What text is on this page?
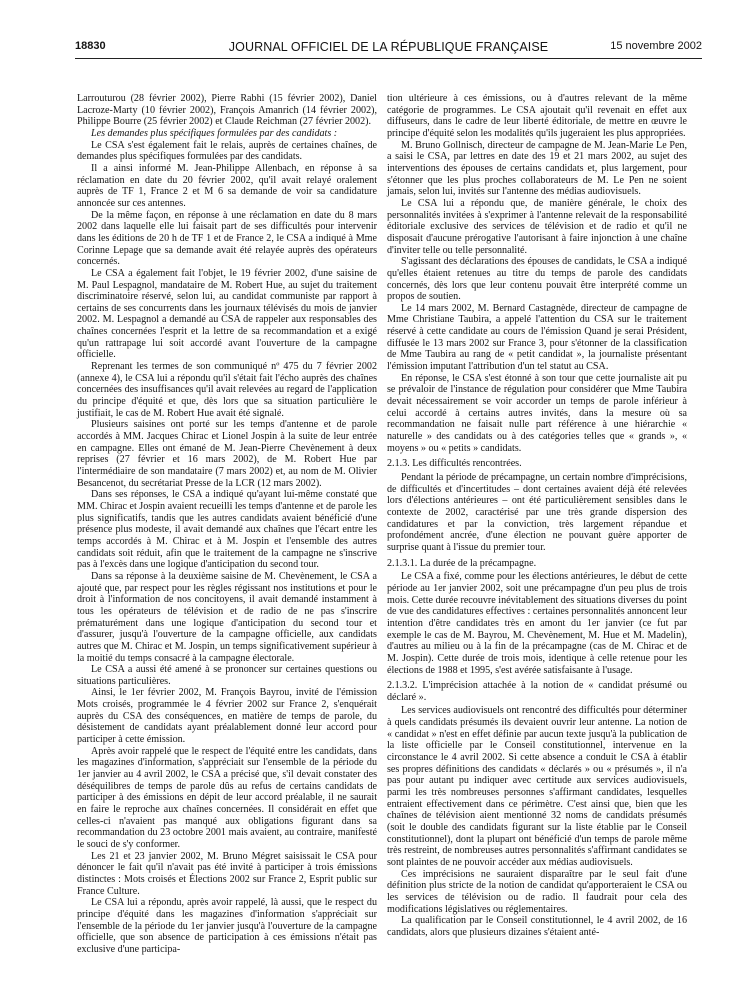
18830	JOURNAL OFFICIEL DE LA RÉPUBLIQUE FRANÇAISE	15 novembre 2002

Larrouturou (28 février 2002), Pierre Rabhi (15 février 2002), Daniel Lacroze-Marty (10 février 2002), François Amanrich (14 février 2002), Philippe Bourre (25 février 2002) et Claude Reichman (27 février 2002).

Les demandes plus spécifiques formulées par des candidats :

Le CSA s'est également fait le relais, auprès de certaines chaînes, de demandes plus spécifiques formulées par des candidats.

Il a ainsi informé M. Jean-Philippe Allenbach, en réponse à sa réclamation en date du 20 février 2002, qu'il avait relayé oralement auprès de TF 1, France 2 et M 6 sa demande de voir sa candidature annoncée sur ces antennes.

De la même façon, en réponse à une réclamation en date du 8 mars 2002 dans laquelle elle lui faisait part de ses difficultés pour intervenir dans les éditions de 20 h de TF 1 et de France 2, le CSA a indiqué à Mme Corinne Lepage que sa demande avait été relayée auprès des opérateurs concernés.

Le CSA a également fait l'objet, le 19 février 2002, d'une saisine de M. Paul Lespagnol, mandataire de M. Robert Hue, au sujet du traitement discriminatoire réservé, selon lui, au candidat communiste par rapport à certains de ses concurrents dans les journaux télévisés du mois de janvier 2002. M. Lespagnol a demandé au CSA de rappeler aux responsables des chaînes concernées l'esprit et la lettre de sa recommandation et a exigé qu'un rattrapage lui soit accordé avant l'ouverture de la campagne officielle.

Reprenant les termes de son communiqué nº 475 du 7 février 2002 (annexe 4), le CSA lui a répondu qu'il s'était fait l'écho auprès des chaînes concernées des insuffisances qu'il avait relevées au regard de l'application du principe d'équité et que, dès lors que sa situation particulière le justifiait, le cas de M. Robert Hue avait été signalé.

Plusieurs saisines ont porté sur les temps d'antenne et de parole accordés à MM. Jacques Chirac et Lionel Jospin à la suite de leur entrée en campagne. Elles ont émané de M. Jean-Pierre Chevènement à deux reprises (27 février et 16 mars 2002), de M. Robert Hue par l'intermédiaire de son mandataire (7 mars 2002) et, au nom de M. Olivier Besancenot, du secrétariat Presse de la LCR (12 mars 2002).

Dans ses réponses, le CSA a indiqué qu'ayant lui-même constaté que MM. Chirac et Jospin avaient recueilli les temps d'antenne et de parole les plus significatifs, tandis que les autres candidats avaient bénéficié d'une présence plus modeste, il avait demandé aux chaînes que l'écart entre les temps accordés à M. Chirac et à M. Jospin et l'ensemble des autres candidats soit réduit, afin que le traitement de la campagne ne s'inscrive pas à l'excès dans une logique d'anticipation du second tour.

Dans sa réponse à la deuxième saisine de M. Chevènement, le CSA a ajouté que, par respect pour les règles régissant nos institutions et pour le droit à l'information de nos concitoyens, il avait demandé instamment à tous les opérateurs de télévision et de radio de ne pas s'inscrire prématurément dans une logique d'anticipation du second tour et d'assurer, jusqu'à l'ouverture de la campagne officielle, aux candidats autres que M. Chirac et M. Jospin, un temps significativement supérieur à la moitié du temps consacré à la campagne électorale.

Le CSA a aussi été amené à se prononcer sur certaines questions ou situations particulières.

Ainsi, le 1er février 2002, M. François Bayrou, invité de l'émission Mots croisés, programmée le 4 février 2002 sur France 2, s'enquérait auprès du CSA des conséquences, en matière de temps de parole, du désistement de candidats ayant préalablement donné leur accord pour participer à cette émission.

Après avoir rappelé que le respect de l'équité entre les candidats, dans les magazines d'information, s'appréciait sur l'ensemble de la période du 1er janvier au 4 avril 2002, le CSA a précisé que, s'il devait constater des déséquilibres de temps de parole dûs au refus de certains candidats de participer à des émissions en dépit de leur accord préalable, il ne saurait en faire le reproche aux chaînes concernées. Il considérait en effet que celles-ci n'avaient pas manqué aux obligations figurant dans sa recommandation du 23 octobre 2001 mais avaient, au contraire, manifesté le souci de s'y conformer.

Les 21 et 23 janvier 2002, M. Bruno Mégret saisissait le CSA pour dénoncer le fait qu'il n'avait pas été invité à participer à trois émissions distinctes : Mots croisés et Élections 2002 sur France 2, Esprit public sur France Culture.

Le CSA lui a répondu, après avoir rappelé, là aussi, que le respect du principe d'équité dans les magazines d'information s'appréciait sur l'ensemble de la période du 1er janvier jusqu'à l'ouverture de la campagne officielle, que son absence de participation à ces émissions n'était pas exclusive d'une participa-

tion ultérieure à ces émissions, ou à d'autres relevant de la même catégorie de programmes. Le CSA ajoutait qu'il revenait en effet aux diffuseurs, dans le cadre de leur liberté éditoriale, de mettre en œuvre le principe d'équité selon les modalités qu'ils jugeraient les plus appropriées.

M. Bruno Gollnisch, directeur de campagne de M. Jean-Marie Le Pen, a saisi le CSA, par lettres en date des 19 et 21 mars 2002, au sujet des interventions des épouses de certains candidats et, plus largement, pour s'étonner que les plus proches collaborateurs de M. Le Pen ne soient jamais, selon lui, invités sur l'antenne des médias audiovisuels.

Le CSA lui a répondu que, de manière générale, le choix des personnalités invitées à s'exprimer à l'antenne relevait de la responsabilité éditoriale exclusive des services de télévision et de radio et qu'il ne disposait d'aucune prérogative l'autorisant à faire injonction à une chaîne d'inviter telle ou telle personnalité.

S'agissant des déclarations des épouses de candidats, le CSA a indiqué qu'elles étaient retenues au titre du temps de parole des candidats concernés, dès lors que leur contenu pouvait être interprété comme un propos de soutien.

Le 14 mars 2002, M. Bernard Castagnède, directeur de campagne de Mme Christiane Taubira, a appelé l'attention du CSA sur le traitement réservé à cette candidate au cours de l'émission Quand je serai Président, diffusée le 13 mars 2002 sur France 3, pour s'étonner de la classification de Mme Taubira au rang de « petit candidat », la journaliste présentant l'émission imputant l'attribution d'un tel statut au CSA.

En réponse, le CSA s'est étonné à son tour que cette journaliste ait pu se prévaloir de l'instance de régulation pour considérer que Mme Taubira devait nécessairement se voir accorder un temps de parole inférieur à celui accordé à certains autres invités, dans la mesure où sa recommandation ne faisait nulle part référence à une hiérarchie « naturelle » des candidats ou à des catégories telles que « grands », « moyens » ou « petits » candidats.

2.1.3. Les difficultés rencontrées.

Pendant la période de précampagne, un certain nombre d'imprécisions, de difficultés et d'incertitudes – dont certaines avaient déjà été relevées lors d'élections antérieures – ont été particulièrement sensibles dans le contexte de 2002, caractérisé par une très grande dispersion des candidatures et par la conviction, très largement répandue et profondément ancrée, d'une élection ne pouvant guère apporter de surprise quant à l'issue du premier tour.

2.1.3.1. La durée de la précampagne.

Le CSA a fixé, comme pour les élections antérieures, le début de cette période au 1er janvier 2002, soit une précampagne d'un peu plus de trois mois. Cette durée recouvre inévitablement des situations diverses du point de vue des candidatures effectives : certaines personnalités annoncent leur intention d'être candidates très en amont du 1er janvier (ce fut par exemple le cas de M. Bayrou, M. Chevènement, M. Hue et M. Madelin), d'autres au milieu ou à la fin de la précampagne (cas de M. Chirac et de M. Jospin). Cette durée de trois mois, identique à celle retenue pour les élections de 1988 et 1995, s'est avérée satisfaisante à l'usage.

2.1.3.2. L'imprécision attachée à la notion de « candidat présumé ou déclaré ».

Les services audiovisuels ont rencontré des difficultés pour déterminer à quels candidats présumés ils devaient ouvrir leur antenne. La notion de « candidat » n'est en effet définie par aucun texte jusqu'à la publication de la liste officielle par le Conseil constitutionnel, intervenue en la circonstance le 4 avril 2002. Si cette absence a conduit le CSA à établir ses propres définitions des candidats « déclarés » ou « présumés », il n'a pas pour autant pu indiquer avec certitude aux services audiovisuels, parmi les très nombreuses personnes s'affirmant candidates, lesquelles entraient effectivement dans ce périmètre. C'est ainsi que, bien que les chaînes de télévision aient mentionné 32 noms de candidats présumés (soit le double des candidats figurant sur la liste établie par le Conseil constitutionnel), dont la plupart ont bénéficié d'un temps de parole même très restreint, de nombreuses autres personnalités s'affirmant candidates se sont plaintes de ne pouvoir accéder aux médias audiovisuels.

Ces imprécisions ne sauraient disparaître par le seul fait d'une définition plus stricte de la notion de candidat qu'apporteraient le CSA ou les services de télévision ou de radio. Il faudrait pour cela des modifications législatives ou réglementaires.

La qualification par le Conseil constitutionnel, le 4 avril 2002, de 16 candidats, alors que plusieurs dizaines s'étaient anté-
